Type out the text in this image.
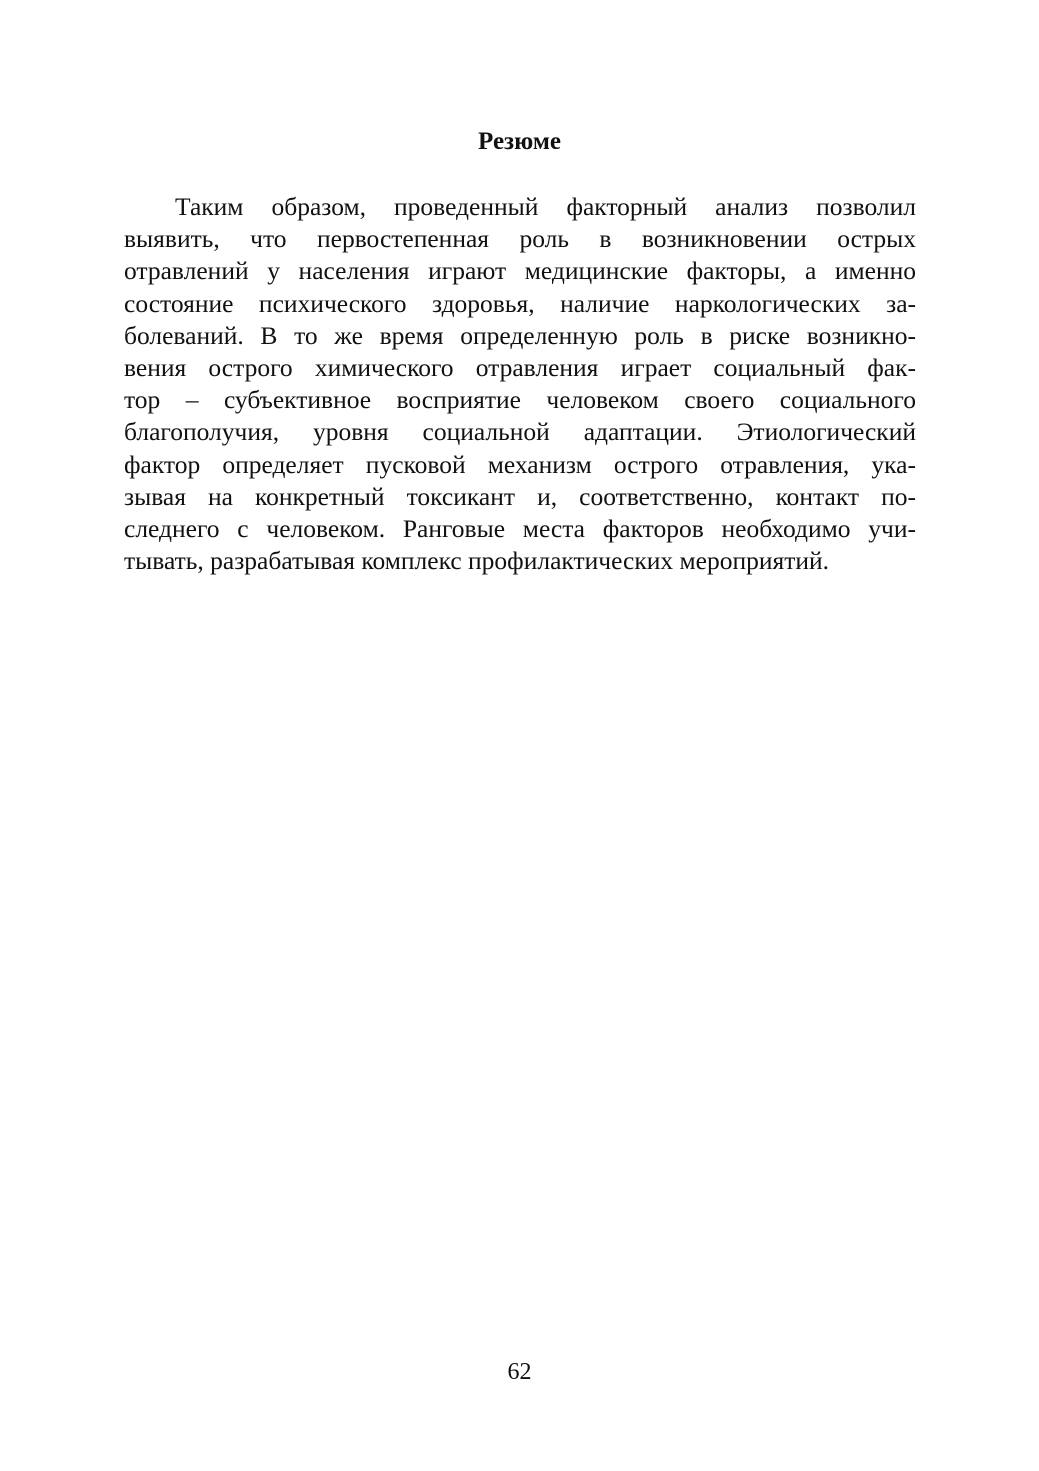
Резюме
Таким образом, проведенный факторный анализ позволил
выявить, что первостепенная роль в возникновении острых
отравлений у населения играют медицинские факторы, а именно
состояние психического здоровья, наличие наркологических за-
болеваний. В то же время определенную роль в риске возникно-
вения острого химического отравления играет социальный фак-
тор – субъективное восприятие человеком своего социального
благополучия, уровня социальной адаптации. Этиологический
фактор определяет пусковой механизм острого отравления, ука-
зывая на конкретный токсикант и, соответственно, контакт по-
следнего с человеком. Ранговые места факторов необходимо учи-
тывать, разрабатывая комплекс профилактических мероприятий.
62
